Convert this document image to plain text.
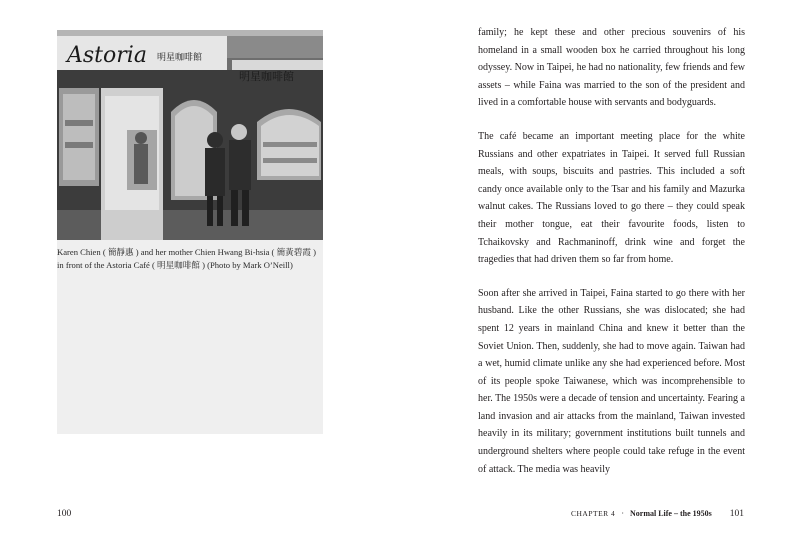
Astoria 明星咖啡館
明星咖啡館

Karen Chien ( 簡靜惠 ) and her mother Chien Hwang Bi-hsia ( 簡黃碧霞 ) in front of the Astoria Café ( 明星咖啡館 ) (Photo by Mark O’Neill)

100

family; he kept these and other precious souvenirs of his homeland in a small wooden box he carried throughout his long odyssey. Now in Taipei, he had no nationality, few friends and few assets – while Faina was married to the son of the president and lived in a comfortable house with servants and bodyguards.

The café became an important meeting place for the white Russians and other expatriates in Taipei. It served full Russian meals, with soups, biscuits and pastries. This included a soft candy once available only to the Tsar and his family and Mazurka walnut cakes. The Russians loved to go there – they could speak their mother tongue, eat their favourite foods, listen to Tchaikovsky and Rachmaninoff, drink wine and forget the tragedies that had driven them so far from home.

Soon after she arrived in Taipei, Faina started to go there with her husband. Like the other Russians, she was dislocated; she had spent 12 years in mainland China and knew it better than the Soviet Union. Then, suddenly, she had to move again. Taiwan had a wet, humid climate unlike any she had experienced before. Most of its people spoke Taiwanese, which was incomprehensible to her. The 1950s were a decade of tension and uncertainty. Fearing a land invasion and air attacks from the mainland, Taiwan invested heavily in its military; government institutions built tunnels and underground shelters where people could take refuge in the event of attack. The media was heavily

CHAPTER 4 · Normal Life – the 1950s 101
